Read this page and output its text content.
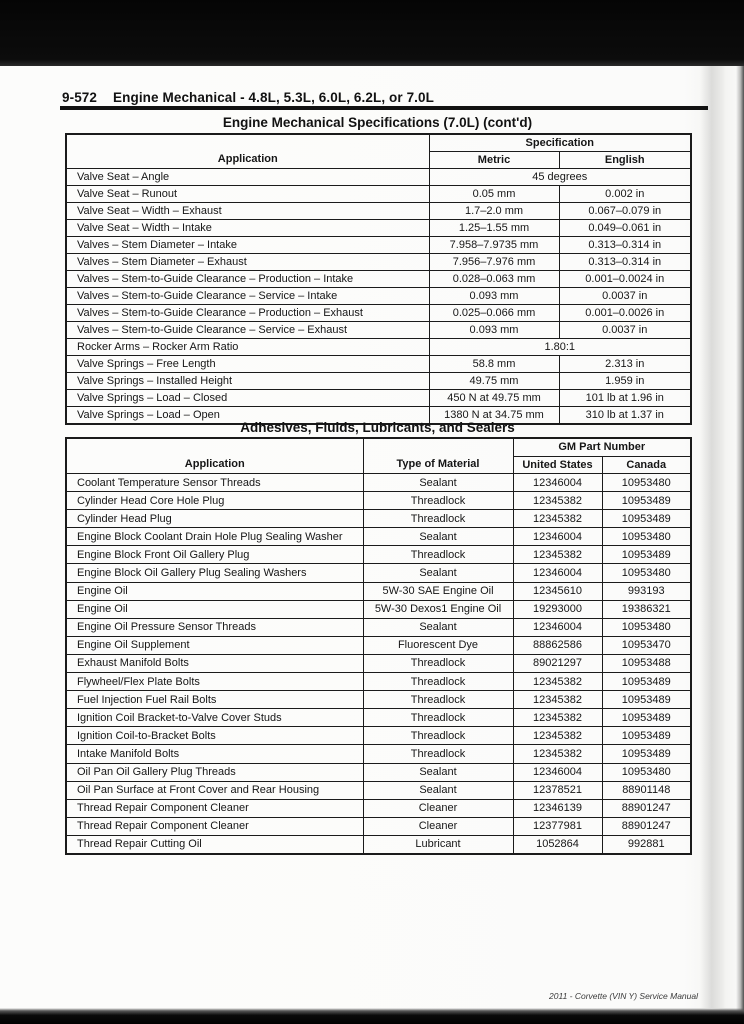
9-572 Engine Mechanical - 4.8L, 5.3L, 6.0L, 6.2L, or 7.0L
Engine Mechanical Specifications (7.0L) (cont'd)
Application	Specification	
	Metric	English
Valve Seat – Angle	45 degrees	
Valve Seat – Runout	0.05 mm	0.002 in
Valve Seat – Width – Exhaust	1.7–2.0 mm	0.067–0.079 in
Valve Seat – Width – Intake	1.25–1.55 mm	0.049–0.061 in
Valves – Stem Diameter – Intake	7.958–7.9735 mm	0.313–0.314 in
Valves – Stem Diameter – Exhaust	7.956–7.976 mm	0.313–0.314 in
Valves – Stem-to-Guide Clearance – Production – Intake	0.028–0.063 mm	0.001–0.0024 in
Valves – Stem-to-Guide Clearance – Service – Intake	0.093 mm	0.0037 in
Valves – Stem-to-Guide Clearance – Production – Exhaust	0.025–0.066 mm	0.001–0.0026 in
Valves – Stem-to-Guide Clearance – Service – Exhaust	0.093 mm	0.0037 in
Rocker Arms – Rocker Arm Ratio	1.80:1	
Valve Springs – Free Length	58.8 mm	2.313 in
Valve Springs – Installed Height	49.75 mm	1.959 in
Valve Springs – Load – Closed	450 N at 49.75 mm	101 lb at 1.96 in
Valve Springs – Load – Open	1380 N at 34.75 mm	310 lb at 1.37 in
Adhesives, Fluids, Lubricants, and Sealers
Application	Type of Material	GM Part Number	
		United States	Canada
Coolant Temperature Sensor Threads	Sealant	12346004	10953480
Cylinder Head Core Hole Plug	Threadlock	12345382	10953489
Cylinder Head Plug	Threadlock	12345382	10953489
Engine Block Coolant Drain Hole Plug Sealing Washer	Sealant	12346004	10953480
Engine Block Front Oil Gallery Plug	Threadlock	12345382	10953489
Engine Block Oil Gallery Plug Sealing Washers	Sealant	12346004	10953480
Engine Oil	5W-30 SAE Engine Oil	12345610	993193
Engine Oil	5W-30 Dexos1 Engine Oil	19293000	19386321
Engine Oil Pressure Sensor Threads	Sealant	12346004	10953480
Engine Oil Supplement	Fluorescent Dye	88862586	10953470
Exhaust Manifold Bolts	Threadlock	89021297	10953488
Flywheel/Flex Plate Bolts	Threadlock	12345382	10953489
Fuel Injection Fuel Rail Bolts	Threadlock	12345382	10953489
Ignition Coil Bracket-to-Valve Cover Studs	Threadlock	12345382	10953489
Ignition Coil-to-Bracket Bolts	Threadlock	12345382	10953489
Intake Manifold Bolts	Threadlock	12345382	10953489
Oil Pan Oil Gallery Plug Threads	Sealant	12346004	10953480
Oil Pan Surface at Front Cover and Rear Housing	Sealant	12378521	88901148
Thread Repair Component Cleaner	Cleaner	12346139	88901247
Thread Repair Component Cleaner	Cleaner	12377981	88901247
Thread Repair Cutting Oil	Lubricant	1052864	992881
2011 - Corvette (VIN Y) Service Manual
